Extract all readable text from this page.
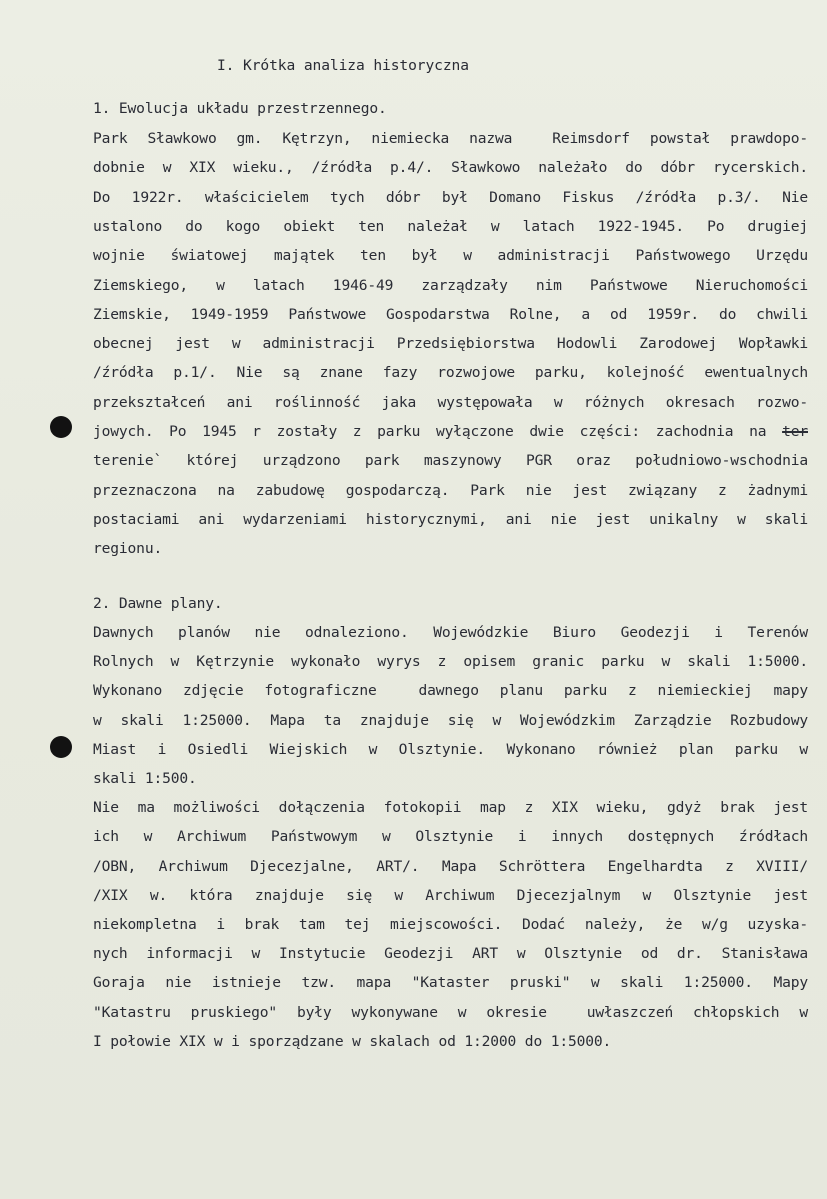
I. Krótka analiza historyczna
1. Ewolucja układu przestrzennego.
Park Sławkowo gm. Kętrzyn, niemiecka nazwa  Reimsdorf powstał prawdopo-
dobnie w XIX wieku., /źródła p.4/. Sławkowo należało do dóbr rycerskich.
Do 1922r. właścicielem tych dóbr był Domano Fiskus /źródła p.3/. Nie
ustalono do kogo obiekt ten należał w latach 1922-1945. Po drugiej
wojnie światowej majątek ten był w administracji Państwowego Urzędu
Ziemskiego, w latach 1946-49 zarządzały nim Państwowe Nieruchomości
Ziemskie, 1949-1959 Państwowe Gospodarstwa Rolne, a od 1959r. do chwili
obecnej jest w administracji Przedsiębiorstwa Hodowli Zarodowej Wopławki
/źródła p.1/. Nie są znane fazy rozwojowe parku, kolejność ewentualnych
przekształceń ani roślinność jaka występowała w różnych okresach rozwo-
jowych. Po 1945 r zostały z parku wyłączone dwie części: zachodnia na ter
terenie` której urządzono park maszynowy PGR oraz południowo-wschodnia
przeznaczona na zabudowę gospodarczą. Park nie jest związany z żadnymi
postaciami ani wydarzeniami historycznymi, ani nie jest unikalny w skali
regionu.
2. Dawne plany.
Dawnych planów nie odnaleziono. Wojewódzkie Biuro Geodezji i Terenów
Rolnych w Kętrzynie wykonało wyrys z opisem granic parku w skali 1:5000.
Wykonano zdjęcie fotograficzne  dawnego planu parku z niemieckiej mapy
w skali 1:25000. Mapa ta znajduje się w Wojewódzkim Zarządzie Rozbudowy
Miast i Osiedli Wiejskich w Olsztynie. Wykonano również plan parku w
skali 1:500.
Nie ma możliwości dołączenia fotokopii map z XIX wieku, gdyż brak jest
ich w Archiwum Państwowym w Olsztynie i innych dostępnych źródłach
/OBN, Archiwum Djecezjalne, ART/. Mapa Schröttera Engelhardta z XVIII/
/XIX w. która znajduje się w Archiwum Djecezjalnym w Olsztynie jest
niekompletna i brak tam tej miejscowości. Dodać należy, że w/g uzyska-
nych informacji w Instytucie Geodezji ART w Olsztynie od dr. Stanisława
Goraja nie istnieje tzw. mapa "Kataster pruski" w skali 1:25000. Mapy
"Katastru pruskiego" były wykonywane w okresie  uwłaszczeń chłopskich w
I połowie XIX w i sporządzane w skalach od 1:2000 do 1:5000.
